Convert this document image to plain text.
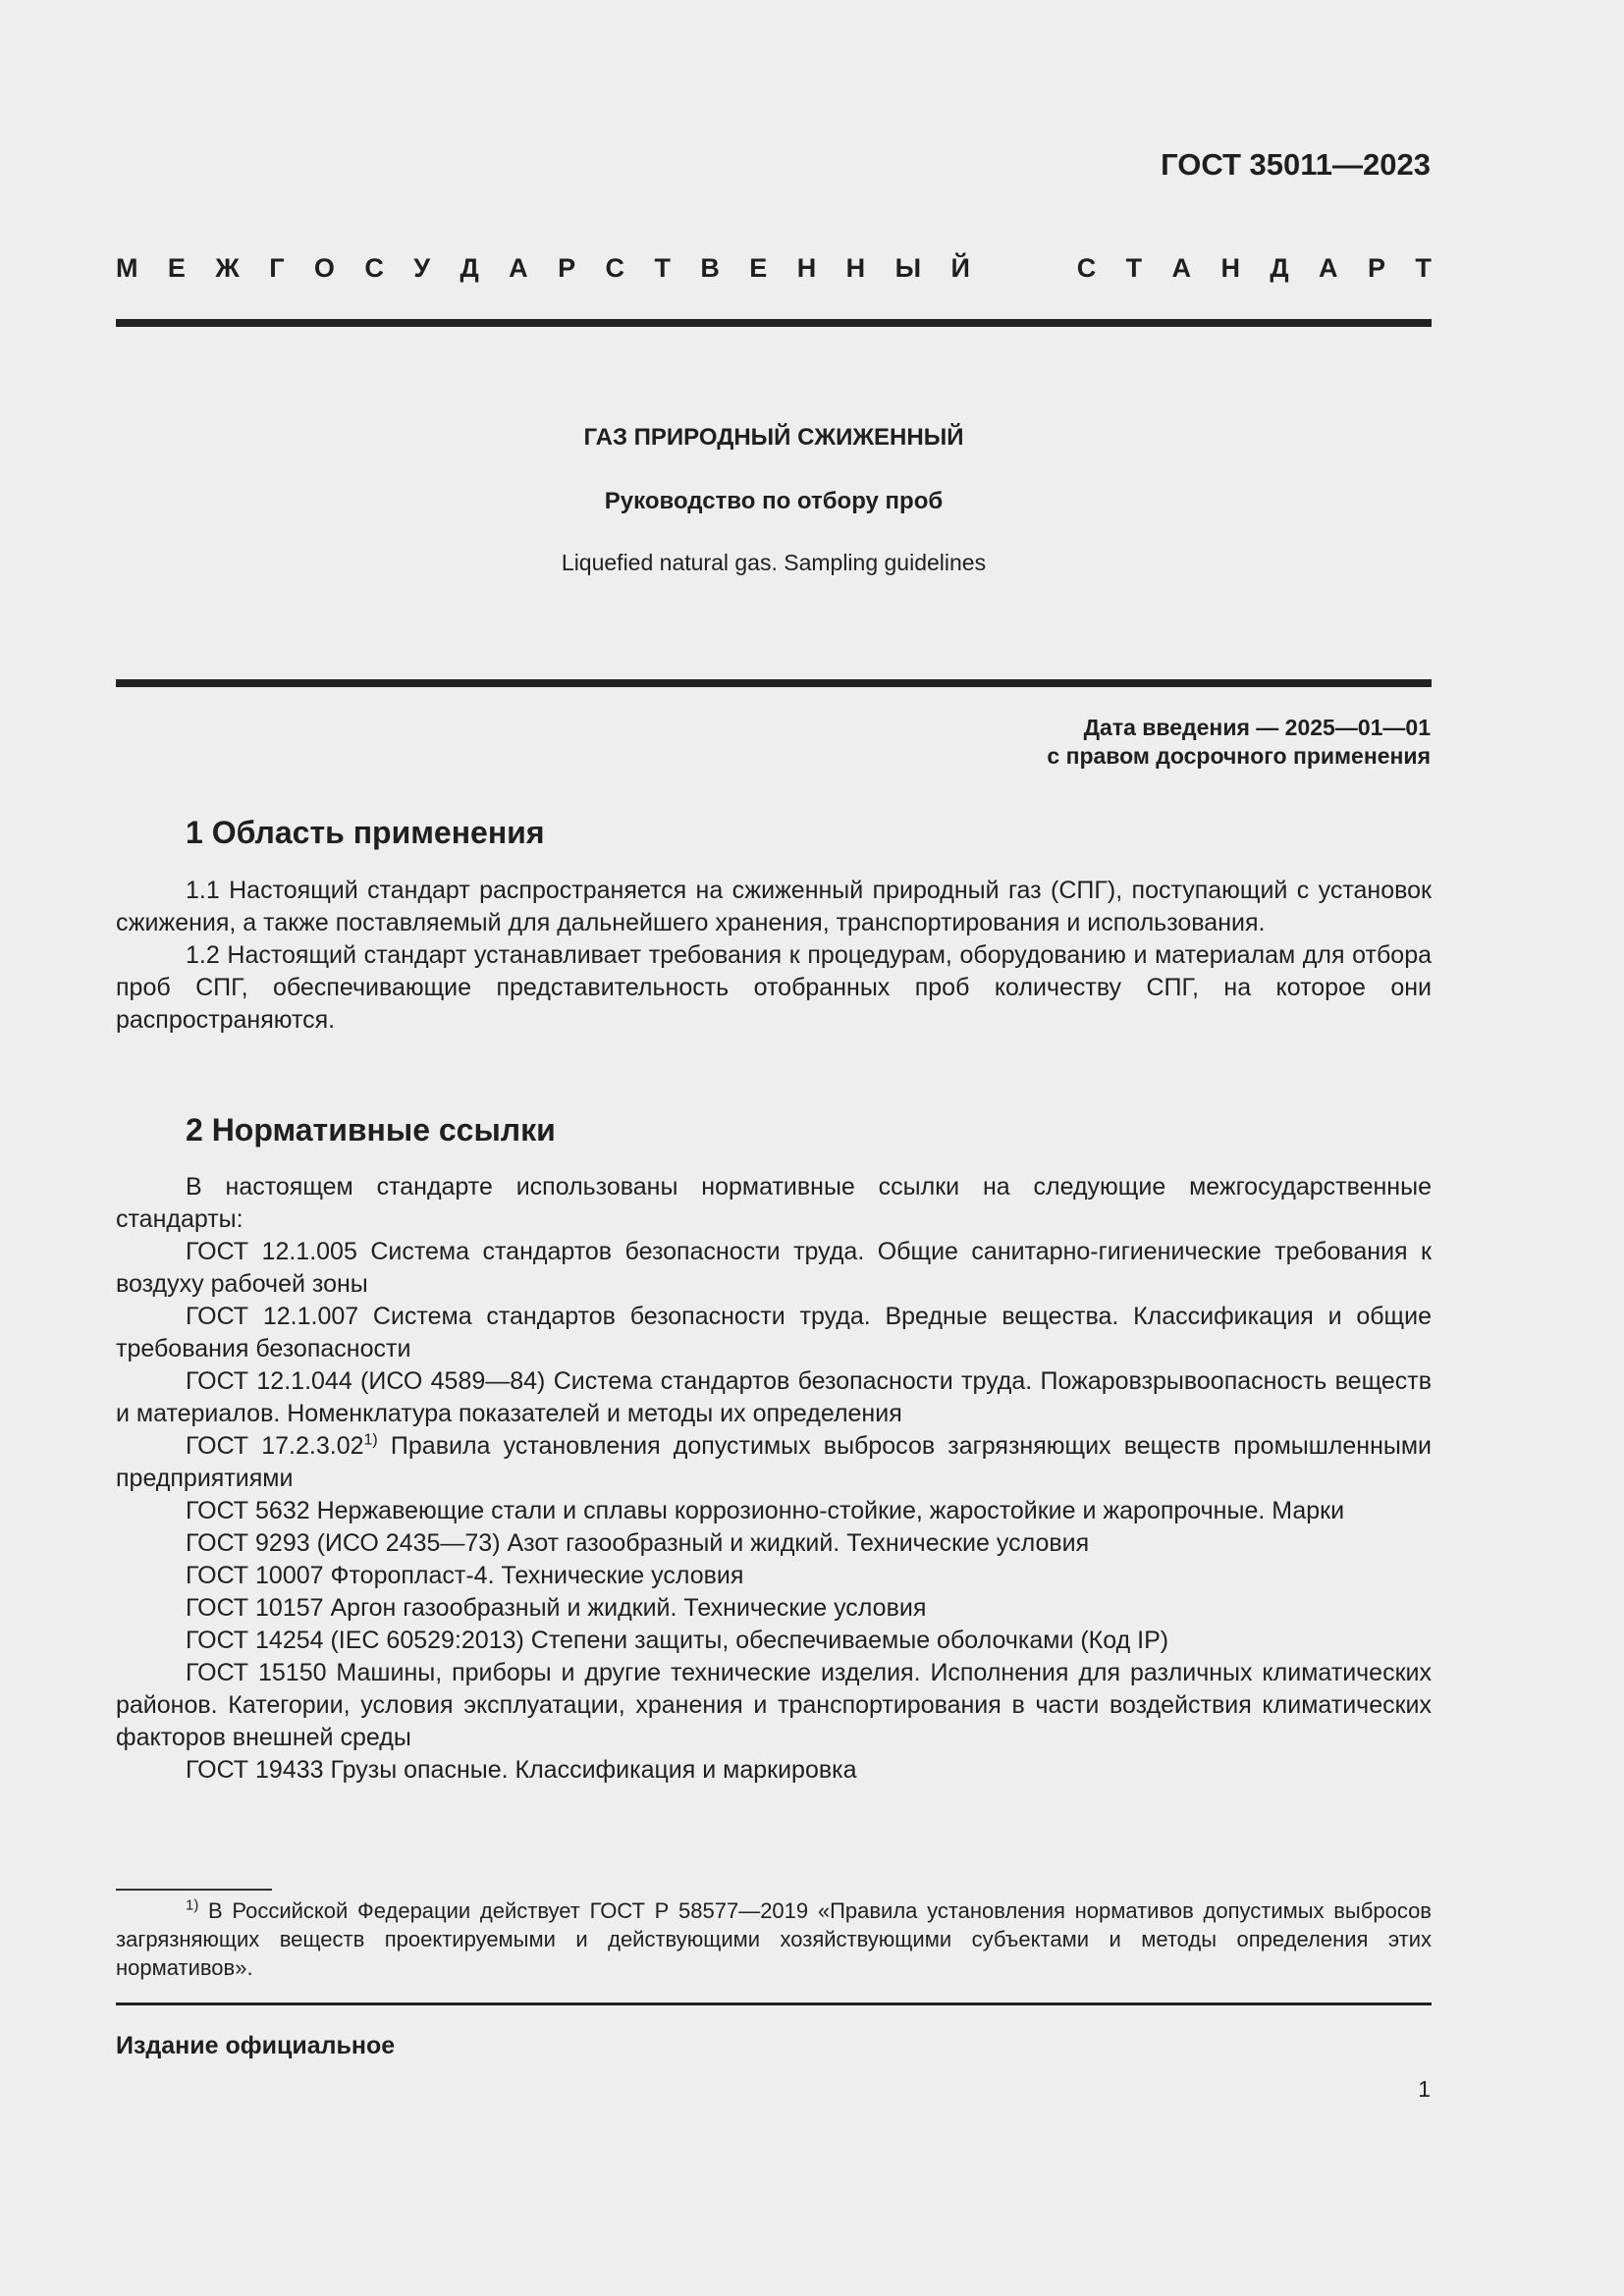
ГОСТ 35011—2023
М Е Ж Г О С У Д А Р С Т В Е Н Н Ы Й	С Т А Н Д А Р Т
ГАЗ ПРИРОДНЫЙ СЖИЖЕННЫЙ
Руководство по отбору проб
Liquefied natural gas. Sampling guidelines
Дата введения — 2025—01—01
с правом досрочного применения
1 Область применения

1.1 Настоящий стандарт распространяется на сжиженный природный газ (СПГ), поступающий с установок сжижения, а также поставляемый для дальнейшего хранения, транспортирования и использования.

1.2 Настоящий стандарт устанавливает требования к процедурам, оборудованию и материалам для отбора проб СПГ, обеспечивающие представительность отобранных проб количеству СПГ, на которое они распространяются.

2 Нормативные ссылки

В настоящем стандарте использованы нормативные ссылки на следующие межгосударственные стандарты:

ГОСТ 12.1.005 Система стандартов безопасности труда. Общие санитарно-гигиенические требования к воздуху рабочей зоны

ГОСТ 12.1.007 Система стандартов безопасности труда. Вредные вещества. Классификация и общие требования безопасности

ГОСТ 12.1.044 (ИСО 4589—84) Система стандартов безопасности труда. Пожаровзрывоопасность веществ и материалов. Номенклатура показателей и методы их определения

ГОСТ 17.2.3.02$^{1)}$ Правила установления допустимых выбросов загрязняющих веществ промышленными предприятиями

ГОСТ 5632 Нержавеющие стали и сплавы коррозионно-стойкие, жаростойкие и жаропрочные. Марки

ГОСТ 9293 (ИСО 2435—73) Азот газообразный и жидкий. Технические условия

ГОСТ 10007 Фторопласт-4. Технические условия

ГОСТ 10157 Аргон газообразный и жидкий. Технические условия

ГОСТ 14254 (IEC 60529:2013) Степени защиты, обеспечиваемые оболочками (Код IP)

ГОСТ 15150 Машины, приборы и другие технические изделия. Исполнения для различных климатических районов. Категории, условия эксплуатации, хранения и транспортирования в части воздействия климатических факторов внешней среды

ГОСТ 19433 Грузы опасные. Классификация и маркировка

$^{1)}$ В Российской Федерации действует ГОСТ Р 58577—2019 «Правила установления нормативов допустимых выбросов загрязняющих веществ проектируемыми и действующими хозяйствующими субъектами и методы определения этих нормативов».

Издание официальное
1
